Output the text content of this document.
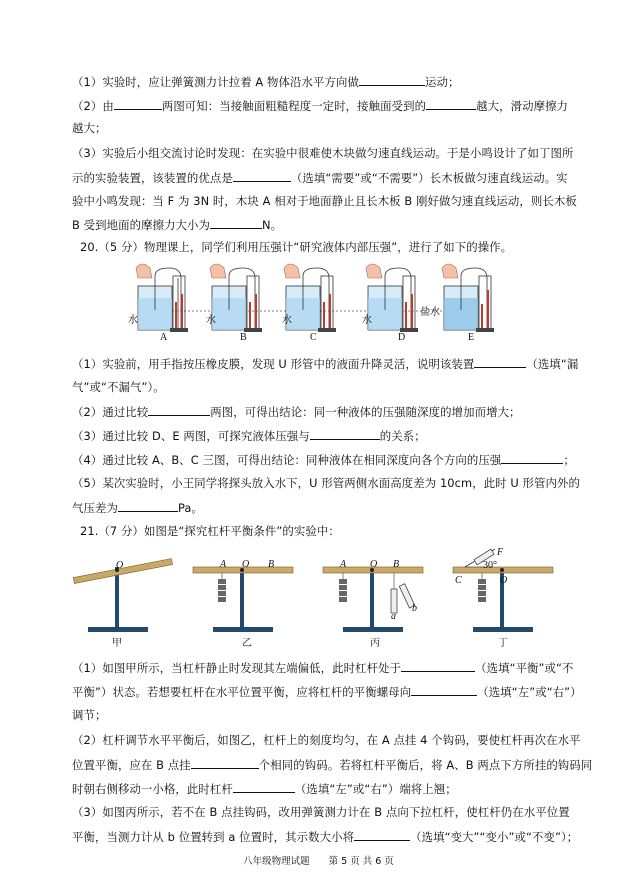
（1）实验时，应让弹簧测力计拉着 A 物体沿水平方向做	运动；
（2）由	两图可知：当接触面粗糙程度一定时，接触面受到的	越大，滑动摩擦力
越大；
（3）实验后小组交流讨论时发现：在实验中很难使木块做匀速直线运动。于是小鸣设计了如丁图所
示的实验装置，该装置的优点是	（选填“需要”或“不需要”）长木板做匀速直线运动。实
验中小鸣发现：当 F 为 3N 时，木块 A 相对于地面静止且长木板 B 刚好做匀速直线运动，则长木板
B 受到地面的摩擦力大小为	N。
20.（5 分）物理课上，同学们利用压强计“研究液体内部压强”，进行了如下的操作。
水	水	水	水
盐水
A	B	C	D	E
（1）实验前，用手指按压橡皮膜，发现 U 形管中的液面升降灵活，说明该装置	（选填“漏
气”或“不漏气”）。
（2）通过比较	两图，可得出结论：同一种液体的压强随深度的增加而增大；
（3）通过比较 D、E 两图，可探究液体压强与	的关系；
（4）通过比较 A、B、C 三图，可得出结论：同种液体在相同深度向各个方向的压强	；
（5）某次实验时，小王同学将探头放入水下，U 形管两侧水面高度差为 10cm，此时 U 形管内外的
气压差为	Pa。
21.（7 分）如图是“探究杠杆平衡条件”的实验中：
O	A O B	A O B
a
b
F
30°
C	O
甲	乙	丙	丁
（1）如图甲所示，当杠杆静止时发现其左端偏低，此时杠杆处于	（选填“平衡”或“不
平衡”）状态。若想要杠杆在水平位置平衡，应将杠杆的平衡螺母向	（选填“左”或“右”）
调节；
（2）杠杆调节水平平衡后，如图乙，杠杆上的刻度均匀，在 A 点挂 4 个钩码，要使杠杆再次在水平
位置平衡，应在 B 点挂	个相同的钩码。若将杠杆平衡后，将 A、B 两点下方所挂的钩码同
时朝右侧移动一小格，此时杠杆	（选填“左”或“右”）端将上翘；
（3）如图丙所示，若不在 B 点挂钩码，改用弹簧测力计在 B 点向下拉杠杆，使杠杆仍在水平位置
平衡，当测力计从 b 位置转到 a 位置时，其示数大小将	（选填“变大”“变小”或“不变”）；
八年级物理试题　　第 5 页 共 6 页
